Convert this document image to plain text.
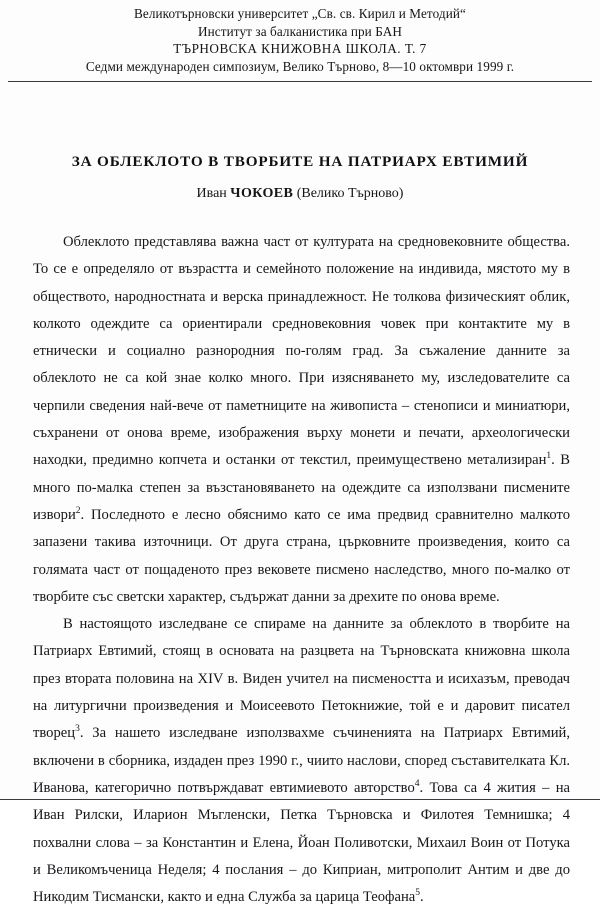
Великотърновски университет „Св. св. Кирил и Методий“
Институт за балканистика при БАН
ТЪРНОВСКА КНИЖОВНА ШКОЛА. Т. 7
Седми международен симпозиум, Велико Търново, 8—10 октомври 1999 г.
ЗА ОБЛЕКЛОТО В ТВОРБИТЕ НА ПАТРИАРХ ЕВТИМИЙ
Иван ЧОКОЕВ (Велико Търново)

Облеклото представлява важна част от културата на средновековните общества. То се е определяло от възрастта и семейното положение на индивида, мястото му в обществото, народностната и верска принадлежност. Не толкова физическият облик, колкото одеждите са ориентирали средновековния човек при контактите му в етнически и социално разнородния по-голям град. За съжаление данните за облеклото не са кой знае колко много. При изясняването му, изследователите са черпили сведения най-вече от паметниците на живописта – стенописи и миниатюри, съхранени от онова време, изображения върху монети и печати, археологически находки, предимно копчета и останки от текстил, преимуществено метализиран$^1$. В много по-малка степен за възстановяването на одеждите са използвани писмените извори$^2$. Последното е лесно обяснимо като се има предвид сравнително малкото запазени такива източници. От друга страна, църковните произведения, които са голямата част от пощаденото през вековете писмено наследство, много по-малко от творбите със светски характер, съдържат данни за дрехите по онова време.

В настоящото изследване се спираме на данните за облеклото в творбите на Патриарх Евтимий, стоящ в основата на разцвета на Търновската книжовна школа през втората половина на XIV в. Виден учител на писмеността и исихазъм, преводач на литургични произведения и Моисеевото Петокнижие, той е и даровит писател творец$^3$. За нашето изследване използвахме съчиненията на Патриарх Евтимий, включени в сборника, издаден през 1990 г., чиито наслови, според съставителката Кл. Иванова, категорично потвърждават евтимиевото авторство$^4$. Това са 4 жития – на Иван Рилски, Иларион Мъгленски, Петка Търновска и Филотея Темнишка; 4 похвални слова – за Константин и Елена, Йоан Поливотски, Михаил Воин от Потука и Великомъченица Неделя; 4 послания – до Киприан, митрополит Антим и две до Никодим Тисмански, както и една Служба за царица Теофана$^5$.
